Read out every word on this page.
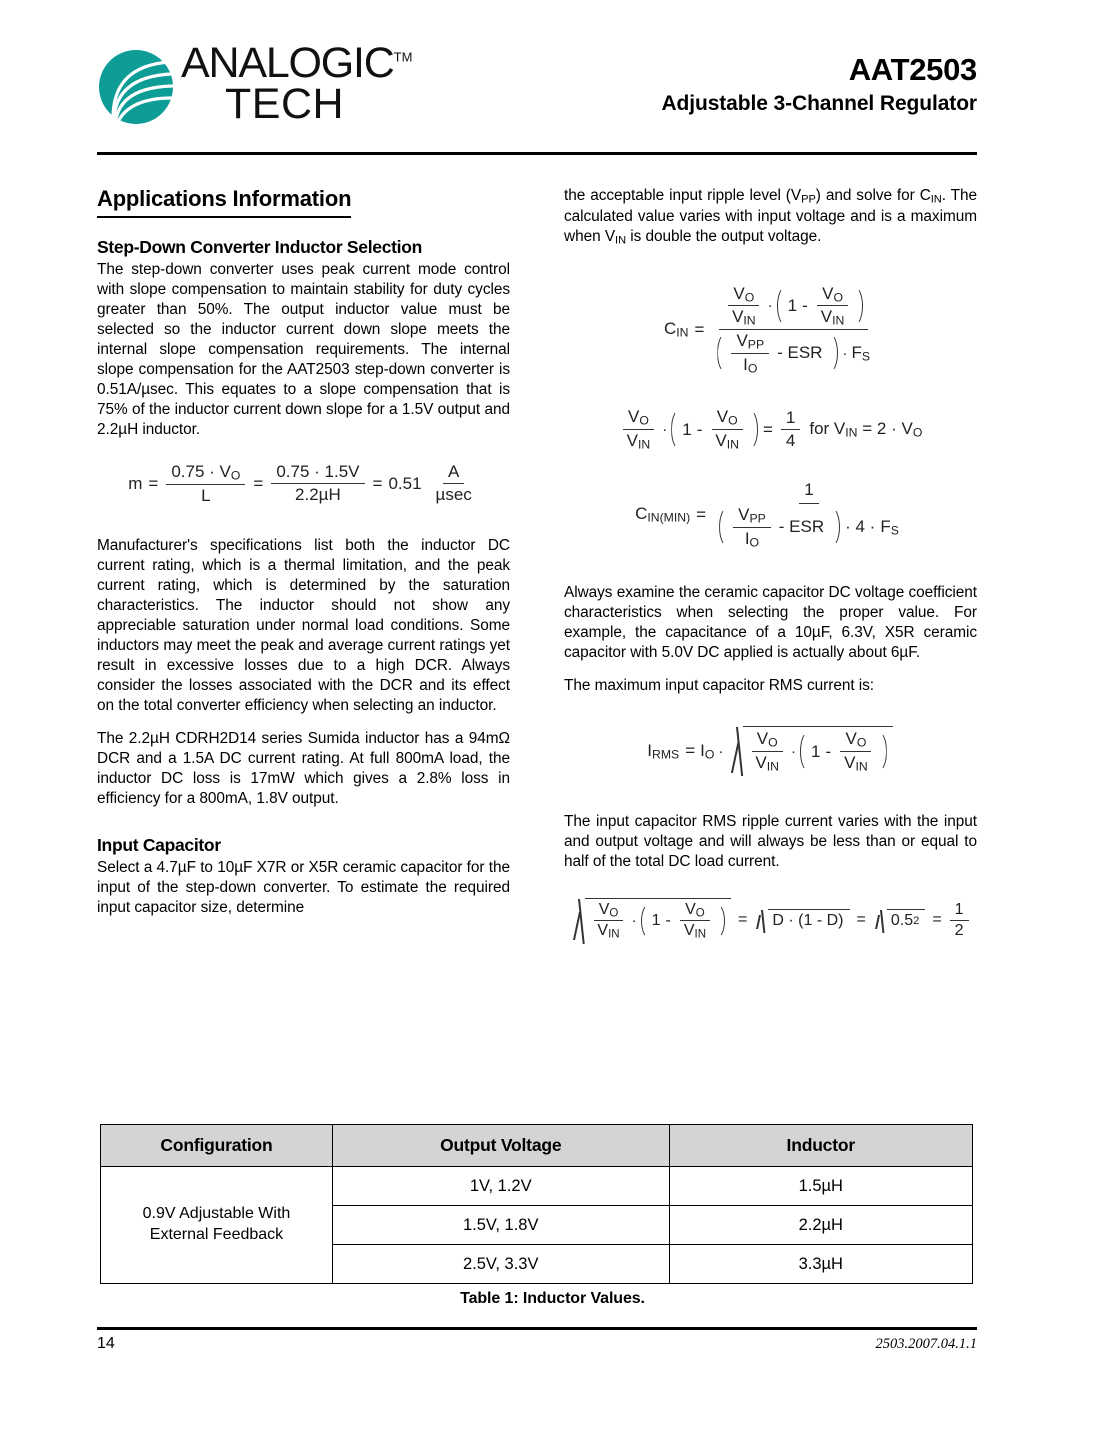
ANALOGIC™
TECH
AAT2503
Adjustable 3-Channel Regulator
Applications Information
Step-Down Converter Inductor Selection

The step-down converter uses peak current mode control with slope compensation to maintain stability for duty cycles greater than 50%. The output inductor value must be selected so the inductor current down slope meets the internal slope compensation requirements. The internal slope compensation for the AAT2503 step-down converter is 0.51A/µsec. This equates to a slope compensation that is 75% of the inductor current down slope for a 1.5V output and 2.2µH inductor.

$m = \frac{0.75 \cdot V_O}{L} = \frac{0.75 \cdot 1.5V}{\text{2.2µH}} = 0.51 \frac{A}{\text{µsec}}$

Manufacturer's specifications list both the inductor DC current rating, which is a thermal limitation, and the peak current rating, which is determined by the saturation characteristics. The inductor should not show any appreciable saturation under normal load conditions. Some inductors may meet the peak and average current ratings yet result in excessive losses due to a high DCR. Always consider the losses associated with the DCR and its effect on the total converter efficiency when selecting an inductor.

The 2.2µH CDRH2D14 series Sumida inductor has a 94mΩ DCR and a 1.5A DC current rating. At full 800mA load, the inductor DC loss is 17mW which gives a 2.8% loss in efficiency for a 800mA, 1.8V output.

Input Capacitor

Select a 4.7µF to 10µF X7R or X5R ceramic capacitor for the input of the step-down converter. To estimate the required input capacitor size, determine

the acceptable input ripple level $(V_{PP})$ and solve for $C_{IN}$. The calculated value varies with input voltage and is a maximum when $V_{IN}$ is double the output voltage.

$C_{IN}$ =
$\frac{V_O}{V_{IN}} \cdot 1 - \frac{V_O}{V_{IN}}$
$\frac{V_{PP}}{I_O}$ - ESR	· $F_S$
$\frac{V_O}{V_{IN}} \cdot 1 - \frac{V_O}{V_{IN}} = \frac{1}{4}$ for $V_{IN} = 2 \cdot V_O$
$C_{IN(MIN)}$ =
1
$\frac{V_{PP}}{I_O}$ - ESR · $4 \cdot F_S$

Always examine the ceramic capacitor DC voltage coefficient characteristics when selecting the proper value. For example, the capacitance of a 10µF, 6.3V, X5R ceramic capacitor with 5.0V DC applied is actually about 6µF.

The maximum input capacitor RMS current is:

$I_{RMS} = I_O \cdot \frac{V_O}{V_{IN}} \cdot 1 - \frac{V_O}{V_{IN}}$

The input capacitor RMS ripple current varies with the input and output voltage and will always be less than or equal to half of the total DC load current.

$\frac{V_O}{V_{IN}} \cdot 1 - \frac{V_O}{V_{IN}}$	=	D · (1 - D) =	0.5 $2 = \frac{1}{2}$
Configuration	Output Voltage	Inductor

0.9V Adjustable With
External Feedback	1V, 1.2V	1.5µH
	1.5V, 1.8V	2.2µH
	2.5V, 3.3V	3.3µH
Table 1: Inductor Values.
14	2503.2007.04.1.1
